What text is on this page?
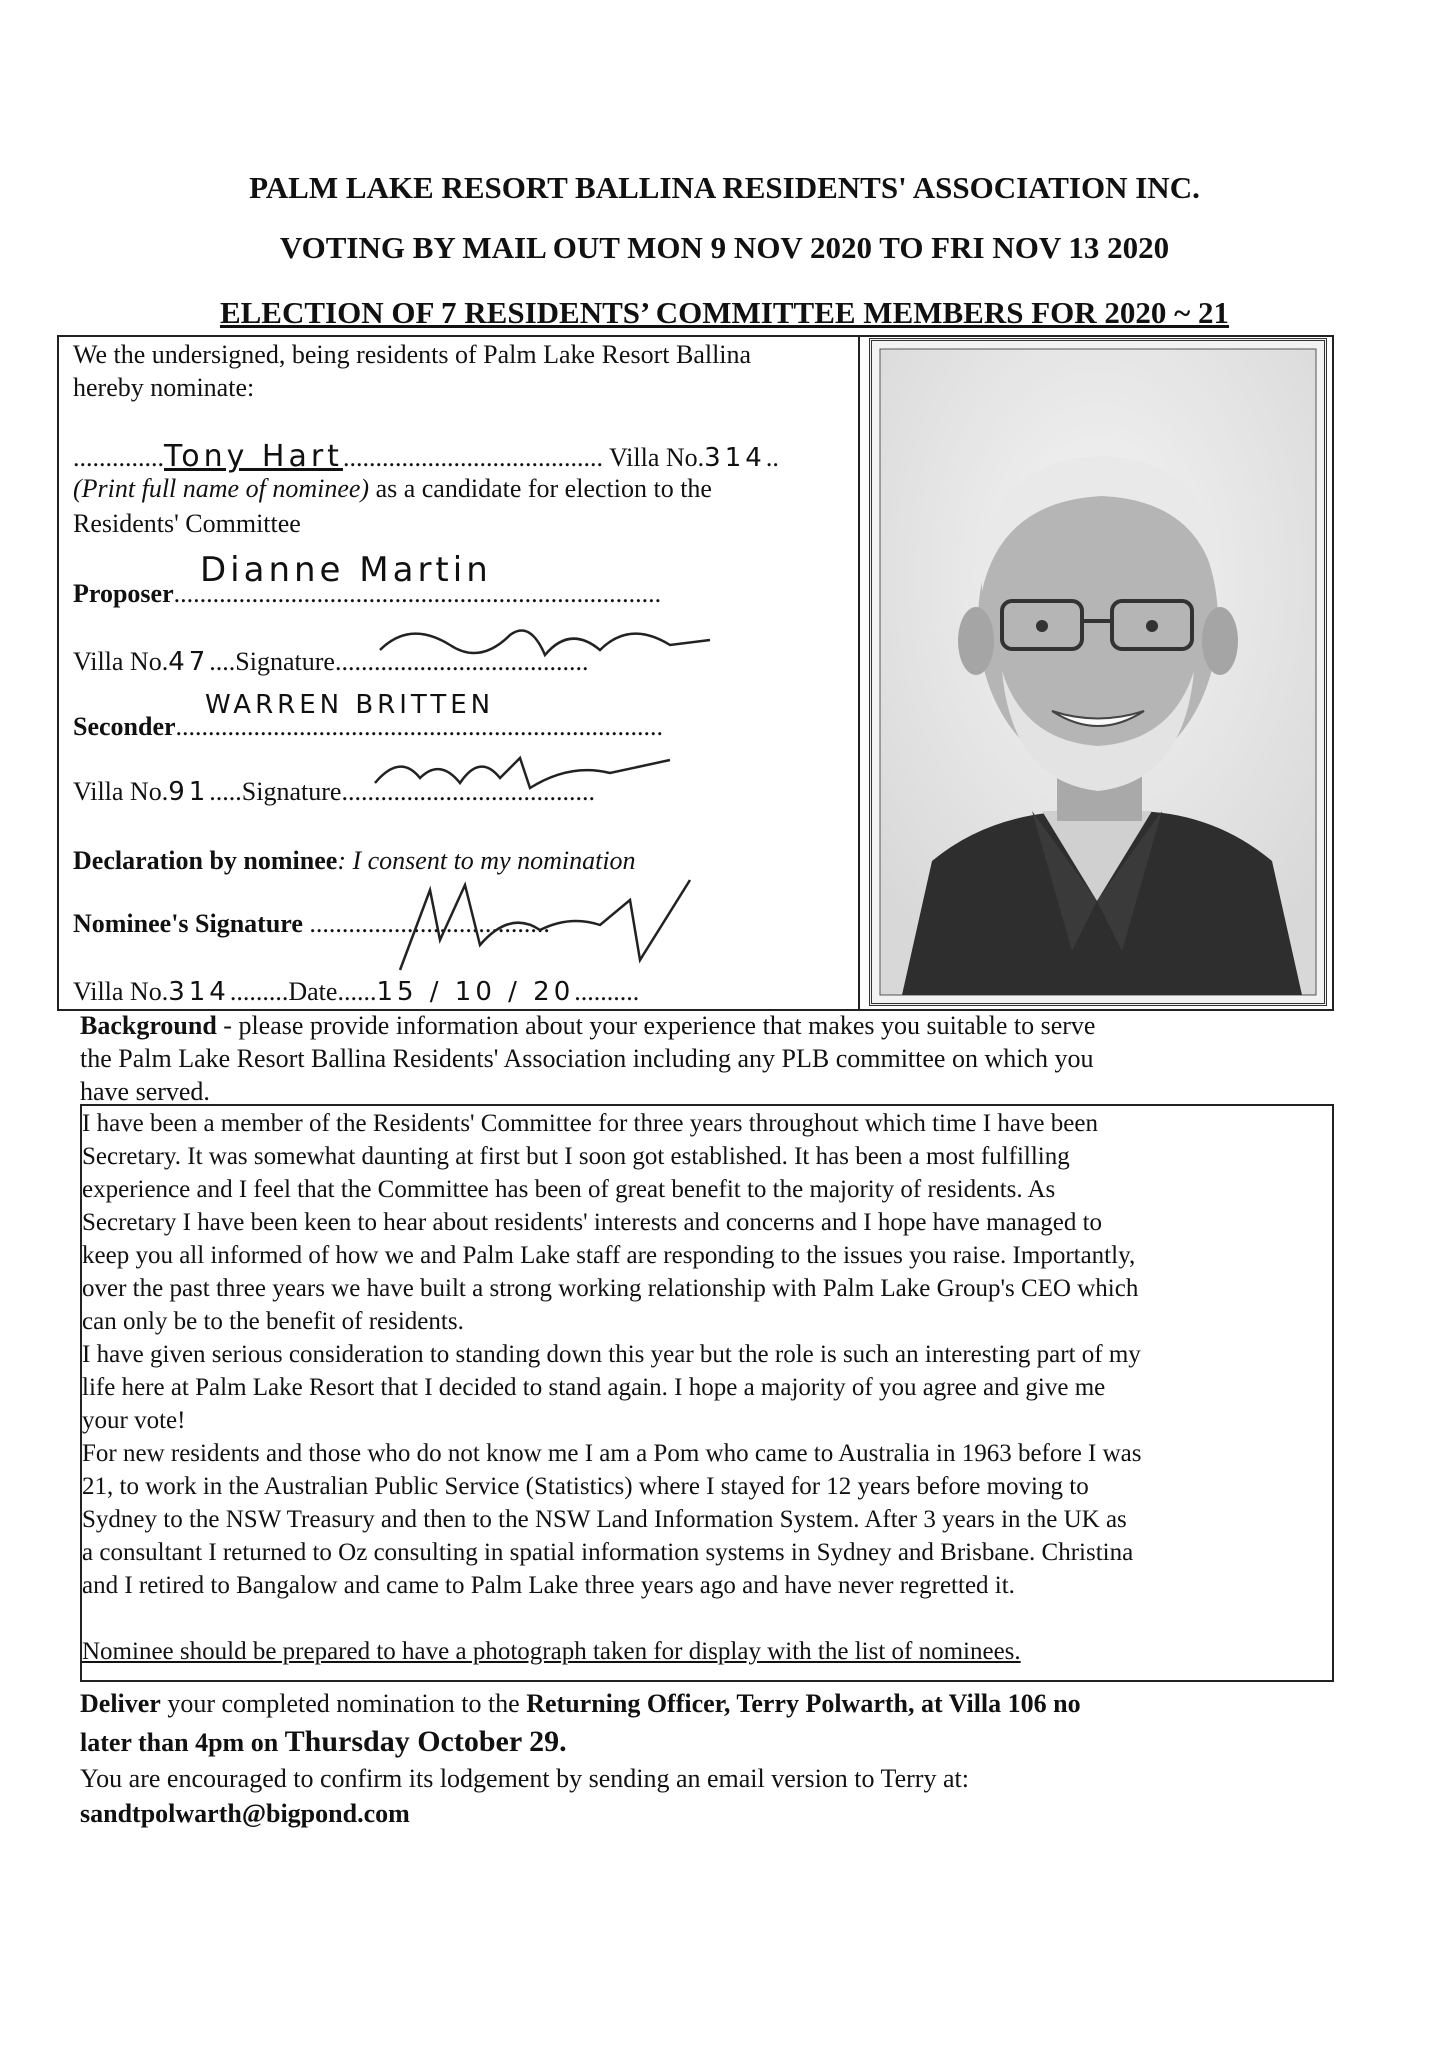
PALM LAKE RESORT BALLINA RESIDENTS' ASSOCIATION INC.
VOTING BY MAIL OUT MON 9 NOV 2020 TO FRI NOV 13 2020
ELECTION OF 7 RESIDENTS’ COMMITTEE MEMBERS FOR 2020 ~ 21
We the undersigned, being residents of Palm Lake Resort Ballina
hereby nominate:
..............Tony Hart........................................ Villa No.314..
(Print full name of nominee) as a candidate for election to the
Residents' Committee
Proposer...........................................................................
Dianne Martin
Villa No.47....Signature.......................................
WARREN BRITTEN
Seconder...........................................................................
Villa No.91.....Signature.......................................
Declaration by nominee: I consent to my nomination
Nominee's Signature .....................................
Villa No.314.........Date......15 / 10 / 20..........
Background - please provide information about your experience that makes you suitable to serve
the Palm Lake Resort Ballina Residents' Association including any PLB committee on which you
have served.
I have been a member of the Residents' Committee for three years throughout which time I have been
Secretary. It was somewhat daunting at first but I soon got established. It has been a most fulfilling
experience and I feel that the Committee has been of great benefit to the majority of residents. As
Secretary I have been keen to hear about residents' interests and concerns and I hope have managed to
keep you all informed of how we and Palm Lake staff are responding to the issues you raise. Importantly,
over the past three years we have built a strong working relationship with Palm Lake Group's CEO which
can only be to the benefit of residents.
I have given serious consideration to standing down this year but the role is such an interesting part of my
life here at Palm Lake Resort that I decided to stand again. I hope a majority of you agree and give me
your vote!
For new residents and those who do not know me I am a Pom who came to Australia in 1963 before I was
21, to work in the Australian Public Service (Statistics) where I stayed for 12 years before moving to
Sydney to the NSW Treasury and then to the NSW Land Information System. After 3 years in the UK as
a consultant I returned to Oz consulting in spatial information systems in Sydney and Brisbane. Christina
and I retired to Bangalow and came to Palm Lake three years ago and have never regretted it.
Nominee should be prepared to have a photograph taken for display with the list of nominees.
Deliver your completed nomination to the Returning Officer, Terry Polwarth, at Villa 106 no
later than 4pm on Thursday October 29.
You are encouraged to confirm its lodgement by sending an email version to Terry at:
sandtpolwarth@bigpond.com
